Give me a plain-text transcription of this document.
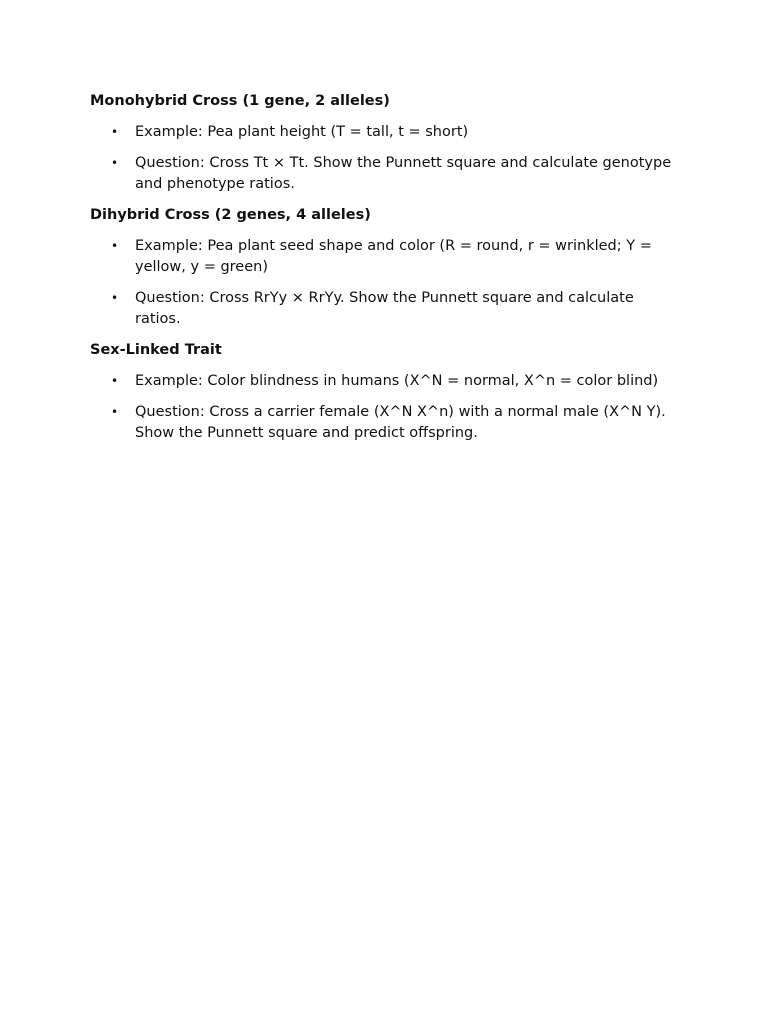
Monohybrid Cross (1 gene, 2 alleles)
•	Example: Pea plant height (T = tall, t = short)
•	Question: Cross Tt × Tt. Show the Punnett square and calculate genotype and phenotype ratios.
Dihybrid Cross (2 genes, 4 alleles)
•	Example: Pea plant seed shape and color (R = round, r = wrinkled; Y = yellow, y = green)
•	Question: Cross RrYy × RrYy. Show the Punnett square and calculate ratios.
Sex-Linked Trait
•	Example: Color blindness in humans (X^N = normal, X^n = color blind)
•	Question: Cross a carrier female (X^N X^n) with a normal male (X^N Y). Show the Punnett square and predict offspring.
